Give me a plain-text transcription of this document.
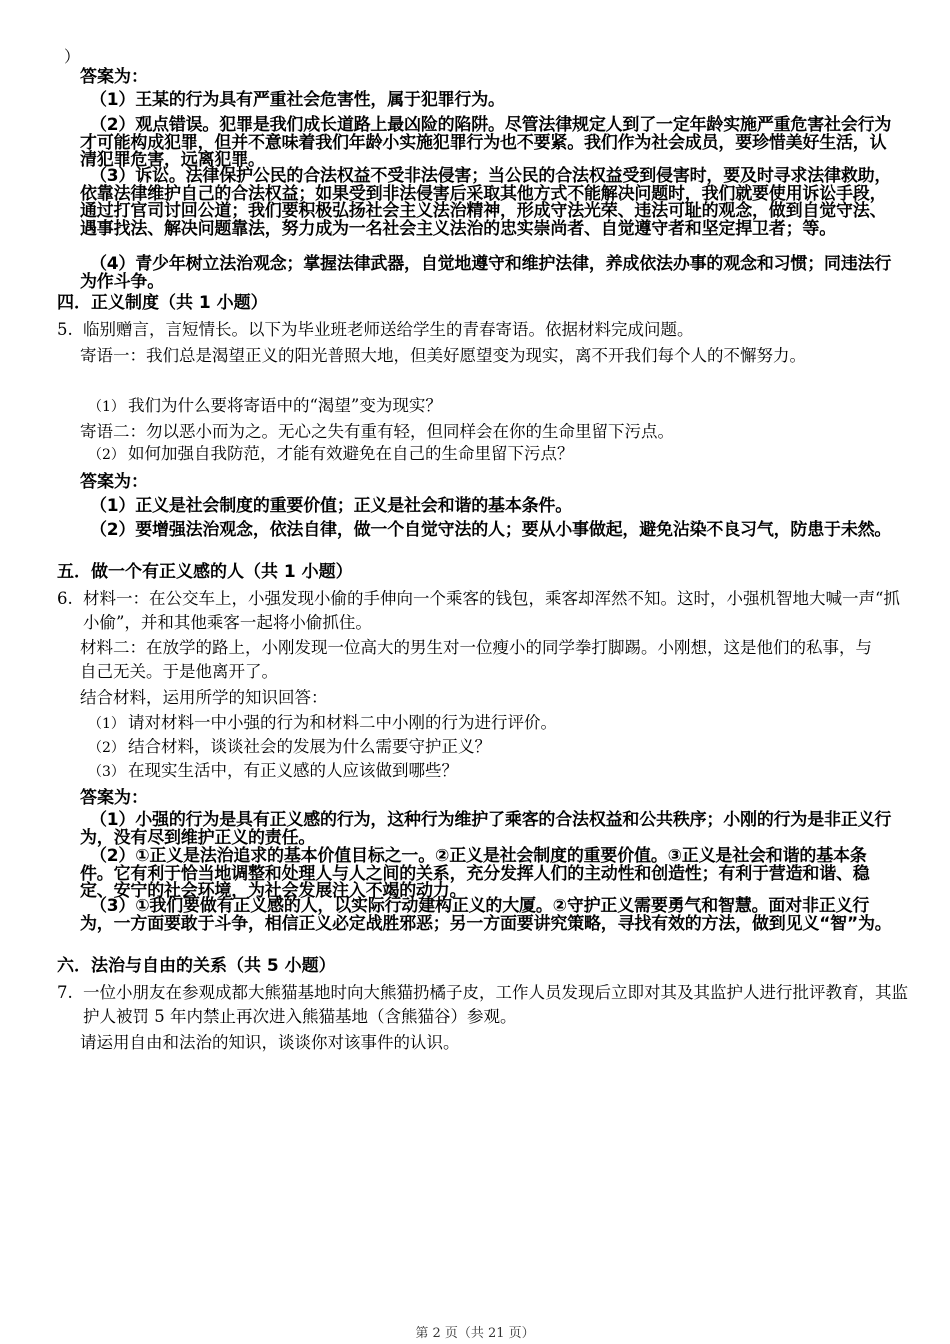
）
答案为：
（1）王某的行为具有严重社会危害性，属于犯罪行为。
（2）观点错误。犯罪是我们成长道路上最凶险的陷阱。尽管法律规定人到了一定年龄实施严重危害社会行为才可能构成犯罪，但并不意味着我们年龄小实施犯罪行为也不要紧。我们作为社会成员，要珍惜美好生活，认清犯罪危害，远离犯罪。
（3）诉讼。法律保护公民的合法权益不受非法侵害；当公民的合法权益受到侵害时，要及时寻求法律救助，依靠法律维护自己的合法权益；如果受到非法侵害后采取其他方式不能解决问题时，我们就要使用诉讼手段，通过打官司讨回公道；我们要积极弘扬社会主义法治精神，形成守法光荣、违法可耻的观念，做到自觉守法、遇事找法、解决问题靠法，努力成为一名社会主义法治的忠实崇尚者、自觉遵守者和坚定捍卫者；等。
（4）青少年树立法治观念；掌握法律武器，自觉地遵守和维护法律，养成依法办事的观念和习惯；同违法行为作斗争。
四．正义制度（共 1 小题）
5. 临别赠言，言短情长。以下为毕业班老师送给学生的青春寄语。依据材料完成问题。
寄语一：我们总是渴望正义的阳光普照大地，但美好愿望变为现实，离不开我们每个人的不懈努力。
（1） 我们为什么要将寄语中的“渴望”变为现实？
寄语二：勿以恶小而为之。无心之失有重有轻，但同样会在你的生命里留下污点。
（2） 如何加强自我防范，才能有效避免在自己的生命里留下污点？
答案为：
（1）正义是社会制度的重要价值；正义是社会和谐的基本条件。
（2）要增强法治观念，依法自律，做一个自觉守法的人；要从小事做起，避免沾染不良习气，防患于未然。
五．做一个有正义感的人（共 1 小题）
6. 材料一：在公交车上，小强发现小偷的手伸向一个乘客的钱包，乘客却浑然不知。这时，小强机智地大喊一声“抓小偷”，并和其他乘客一起将小偷抓住。
材料二：在放学的路上，小刚发现一位高大的男生对一位瘦小的同学拳打脚踢。小刚想，这是他们的私事，与自己无关。于是他离开了。
结合材料，运用所学的知识回答：
（1） 请对材料一中小强的行为和材料二中小刚的行为进行评价。
（2） 结合材料，谈谈社会的发展为什么需要守护正义？
（3） 在现实生活中，有正义感的人应该做到哪些？
答案为：
（1）小强的行为是具有正义感的行为，这种行为维护了乘客的合法权益和公共秩序；小刚的行为是非正义行为，没有尽到维护正义的责任。
（2）①正义是法治追求的基本价值目标之一。②正义是社会制度的重要价值。③正义是社会和谐的基本条件。它有利于恰当地调整和处理人与人之间的关系，充分发挥人们的主动性和创造性；有利于营造和谐、稳定、安宁的社会环境，为社会发展注入不竭的动力。
（3）①我们要做有正义感的人，以实际行动建构正义的大厦。②守护正义需要勇气和智慧。面对非正义行为，一方面要敢于斗争，相信正义必定战胜邪恶；另一方面要讲究策略，寻找有效的方法，做到见义“智”为。
六．法治与自由的关系（共 5 小题）
7. 一位小朋友在参观成都大熊猫基地时向大熊猫扔橘子皮，工作人员发现后立即对其及其监护人进行批评教育，其监护人被罚 5 年内禁止再次进入熊猫基地（含熊猫谷）参观。
请运用自由和法治的知识，谈谈你对该事件的认识。
第 2 页（共 21 页）
